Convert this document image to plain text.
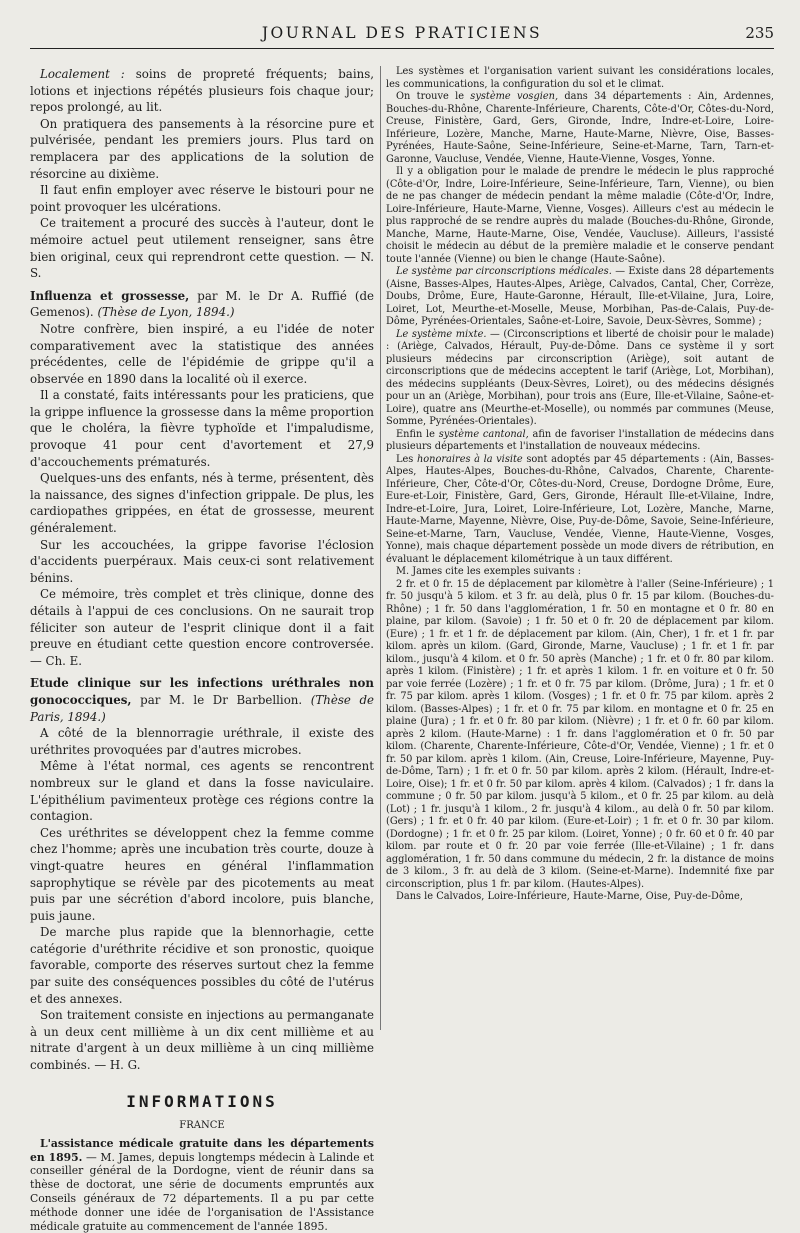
JOURNAL DES PRATICIENS	235

Localement : soins de propreté fréquents; bains, lotions et injections répétés plusieurs fois chaque jour; repos prolongé, au lit.

On pratiquera des pansements à la résorcine pure et pulvérisée, pendant les premiers jours. Plus tard on remplacera par des applications de la solution de résorcine au dixième.

Il faut enfin employer avec réserve le bistouri pour ne point provoquer les ulcérations.

Ce traitement a procuré des succès à l'auteur, dont le mémoire actuel peut utilement renseigner, sans être bien original, ceux qui reprendront cette question. — N. S.

Influenza et grossesse, par M. le Dr A. Ruffié (de Gemenos). (Thèse de Lyon, 1894.)

Notre confrère, bien inspiré, a eu l'idée de noter comparativement avec la statistique des années précédentes, celle de l'épidémie de grippe qu'il a observée en 1890 dans la localité où il exerce.

Il a constaté, faits intéressants pour les praticiens, que la grippe influence la grossesse dans la même proportion que le choléra, la fièvre typhoïde et l'impaludisme, provoque 41 pour cent d'avortement et 27,9 d'accouchements prématurés.

Quelques-uns des enfants, nés à terme, présentent, dès la naissance, des signes d'infection grippale. De plus, les cardiopathes grippées, en état de grossesse, meurent généralement.

Sur les accouchées, la grippe favorise l'éclosion d'accidents puerpéraux. Mais ceux-ci sont relativement bénins.

Ce mémoire, très complet et très clinique, donne des détails à l'appui de ces conclusions. On ne saurait trop féliciter son auteur de l'esprit clinique dont il a fait preuve en étudiant cette question encore controversée. — Ch. E.

Etude clinique sur les infections uréthrales non gonococciques, par M. le Dr Barbellion. (Thèse de Paris, 1894.)

A côté de la blennorragie uréthrale, il existe des uréthrites provoquées par d'autres microbes.

Même à l'état normal, ces agents se rencontrent nombreux sur le gland et dans la fosse naviculaire. L'épithélium pavimenteux protège ces régions contre la contagion.

Ces uréthrites se développent chez la femme comme chez l'homme; après une incubation très courte, douze à vingt-quatre heures en général l'inflammation saprophytique se révèle par des picotements au meat puis par une sécrétion d'abord incolore, puis blanche, puis jaune.

De marche plus rapide que la blennorhagie, cette catégorie d'uréthrite récidive et son pronostic, quoique favorable, comporte des réserves surtout chez la femme par suite des conséquences possibles du côté de l'utérus et des annexes.

Son traitement consiste en injections au permanganate à un deux cent millième à un dix cent millième et au nitrate d'argent à un deux millième à un cinq millième combinés. — H. G.

INFORMATIONS
FRANCE

L'assistance médicale gratuite dans les départements en 1895. — M. James, depuis longtemps médecin à Lalinde et conseiller général de la Dordogne, vient de réunir dans sa thèse de doctorat, une série de documents empruntés aux Conseils généraux de 72 départements. Il a pu par cette méthode donner une idée de l'organisation de l'Assistance médicale gratuite au commencement de l'année 1895.

Les systèmes et l'organisation varient suivant les considérations locales, les communications, la configuration du sol et le climat.

On trouve le système vosgien, dans 34 départements : Ain, Ardennes, Bouches-du-Rhône, Charente-Inférieure, Charents, Côte-d'Or, Côtes-du-Nord, Creuse, Finistère, Gard, Gers, Gironde, Indre, Indre-et-Loire, Loire-Inférieure, Lozère, Manche, Marne, Haute-Marne, Nièvre, Oise, Basses-Pyrénées, Haute-Saône, Seine-Inférieure, Seine-et-Marne, Tarn, Tarn-et-Garonne, Vaucluse, Vendée, Vienne, Haute-Vienne, Vosges, Yonne.

Il y a obligation pour le malade de prendre le médecin le plus rapproché (Côte-d'Or, Indre, Loire-Inférieure, Seine-Inférieure, Tarn, Vienne), ou bien de ne pas changer de médecin pendant la même maladie (Côte-d'Or, Indre, Loire-Inférieure, Haute-Marne, Vienne, Vosges). Ailleurs c'est au médecin le plus rapproché de se rendre auprès du malade (Bouches-du-Rhône, Gironde, Manche, Marne, Haute-Marne, Oise, Vendée, Vaucluse). Ailleurs, l'assisté choisit le médecin au début de la première maladie et le conserve pendant toute l'année (Vienne) ou bien le change (Haute-Saône).

Le système par circonscriptions médicales. — Existe dans 28 départements (Aisne, Basses-Alpes, Hautes-Alpes, Ariège, Calvados, Cantal, Cher, Corrèze, Doubs, Drôme, Eure, Haute-Garonne, Hérault, Ille-et-Vilaine, Jura, Loire, Loiret, Lot, Meurthe-et-Moselle, Meuse, Morbihan, Pas-de-Calais, Puy-de-Dôme, Pyrénées-Orientales, Saône-et-Loire, Savoie, Deux-Sèvres, Somme) ;

Le système mixte. — (Circonscriptions et liberté de choisir pour le malade) : (Ariège, Calvados, Hérault, Puy-de-Dôme. Dans ce système il y sort plusieurs médecins par circonscription (Ariège), soit autant de circonscriptions que de médecins acceptent le tarif (Ariège, Lot, Morbihan), des médecins suppléants (Deux-Sèvres, Loiret), ou des médecins désignés pour un an (Ariège, Morbihan), pour trois ans (Eure, Ille-et-Vilaine, Saône-et-Loire), quatre ans (Meurthe-et-Moselle), ou nommés par communes (Meuse, Somme, Pyrénées-Orientales).

Enfin le système cantonal, afin de favoriser l'installation de médecins dans plusieurs départements et l'installation de nouveaux médecins.

Les honoraires à la visite sont adoptés par 45 départements : (Ain, Basses-Alpes, Hautes-Alpes, Bouches-du-Rhône, Calvados, Charente, Charente-Inférieure, Cher, Côte-d'Or, Côtes-du-Nord, Creuse, Dordogne Drôme, Eure, Eure-et-Loir, Finistère, Gard, Gers, Gironde, Hérault Ille-et-Vilaine, Indre, Indre-et-Loire, Jura, Loiret, Loire-Inférieure, Lot, Lozère, Manche, Marne, Haute-Marne, Mayenne, Nièvre, Oise, Puy-de-Dôme, Savoie, Seine-Inférieure, Seine-et-Marne, Tarn, Vaucluse, Vendée, Vienne, Haute-Vienne, Vosges, Yonne), mais chaque département possède un mode divers de rétribution, en évaluant le déplacement kilométrique à un taux différent.

M. James cite les exemples suivants :

2 fr. et 0 fr. 15 de déplacement par kilomètre à l'aller (Seine-Inférieure) ; 1 fr. 50 jusqu'à 5 kilom. et 3 fr. au delà, plus 0 fr. 15 par kilom. (Bouches-du-Rhône) ; 1 fr. 50 dans l'agglomération, 1 fr. 50 en montagne et 0 fr. 80 en plaine, par kilom. (Savoie) ; 1 fr. 50 et 0 fr. 20 de déplacement par kilom. (Eure) ; 1 fr. et 1 fr. de déplacement par kilom. (Ain, Cher), 1 fr. et 1 fr. par kilom. après un kilom. (Gard, Gironde, Marne, Vaucluse) ; 1 fr. et 1 fr. par kilom., jusqu'à 4 kilom. et 0 fr. 50 après (Manche) ; 1 fr. et 0 fr. 80 par kilom. après 1 kilom. (Finistère) ; 1 fr. et après 1 kilom. 1 fr. en voiture et 0 fr. 50 par voie ferrée (Lozère) ; 1 fr. et 0 fr. 75 par kilom. (Drôme, Jura) ; 1 fr. et 0 fr. 75 par kilom. après 1 kilom. (Vosges) ; 1 fr. et 0 fr. 75 par kilom. après 2 kilom. (Basses-Alpes) ; 1 fr. et 0 fr. 75 par kilom. en montagne et 0 fr. 25 en plaine (Jura) ; 1 fr. et 0 fr. 80 par kilom. (Nièvre) ; 1 fr. et 0 fr. 60 par kilom. après 2 kilom. (Haute-Marne) : 1 fr. dans l'agglomération et 0 fr. 50 par kilom. (Charente, Charente-Inférieure, Côte-d'Or, Vendée, Vienne) ; 1 fr. et 0 fr. 50 par kilom. après 1 kilom. (Ain, Creuse, Loire-Inférieure, Mayenne, Puy-de-Dôme, Tarn) ; 1 fr. et 0 fr. 50 par kilom. après 2 kilom. (Hérault, Indre-et-Loire, Oise); 1 fr. et 0 fr. 50 par kilom. après 4 kilom. (Calvados) ; 1 fr. dans la commune ; 0 fr. 50 par kilom. jusqu'à 5 kilom., et 0 fr. 25 par kilom. au delà (Lot) ; 1 fr. jusqu'à 1 kilom., 2 fr. jusqu'à 4 kilom., au delà 0 fr. 50 par kilom. (Gers) ; 1 fr. et 0 fr. 40 par kilom. (Eure-et-Loir) ; 1 fr. et 0 fr. 30 par kilom. (Dordogne) ; 1 fr. et 0 fr. 25 par kilom. (Loiret, Yonne) ; 0 fr. 60 et 0 fr. 40 par kilom. par route et 0 fr. 20 par voie ferrée (Ille-et-Vilaine) ; 1 fr. dans agglomération, 1 fr. 50 dans commune du médecin, 2 fr. la distance de moins de 3 kilom., 3 fr. au delà de 3 kilom. (Seine-et-Marne). Indemnité fixe par circonscription, plus 1 fr. par kilom. (Hautes-Alpes).

Dans le Calvados, Loire-Inférieure, Haute-Marne, Oise, Puy-de-Dôme,
